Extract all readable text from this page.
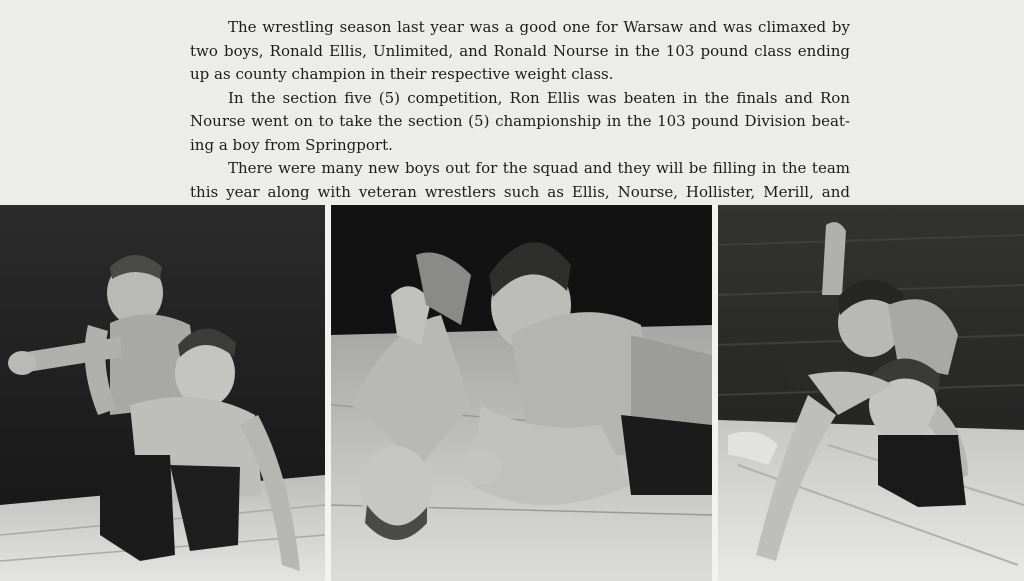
The wrestling season last year was a good one for Warsaw and was climaxed by two boys, Ronald Ellis, Unlimited, and Ronald Nourse in the 103 pound class ending up as county champion in their respective weight class.

In the section five (5) competition, Ron Ellis was beaten in the finals and Ron Nourse went on to take the section (5) championship in the 103 pound Division beating a boy from Springport.

There were many new boys out for the squad and they will be filling in the team this year along with veteran wrestlers such as Ellis, Nourse, Hollister, Merill, and
